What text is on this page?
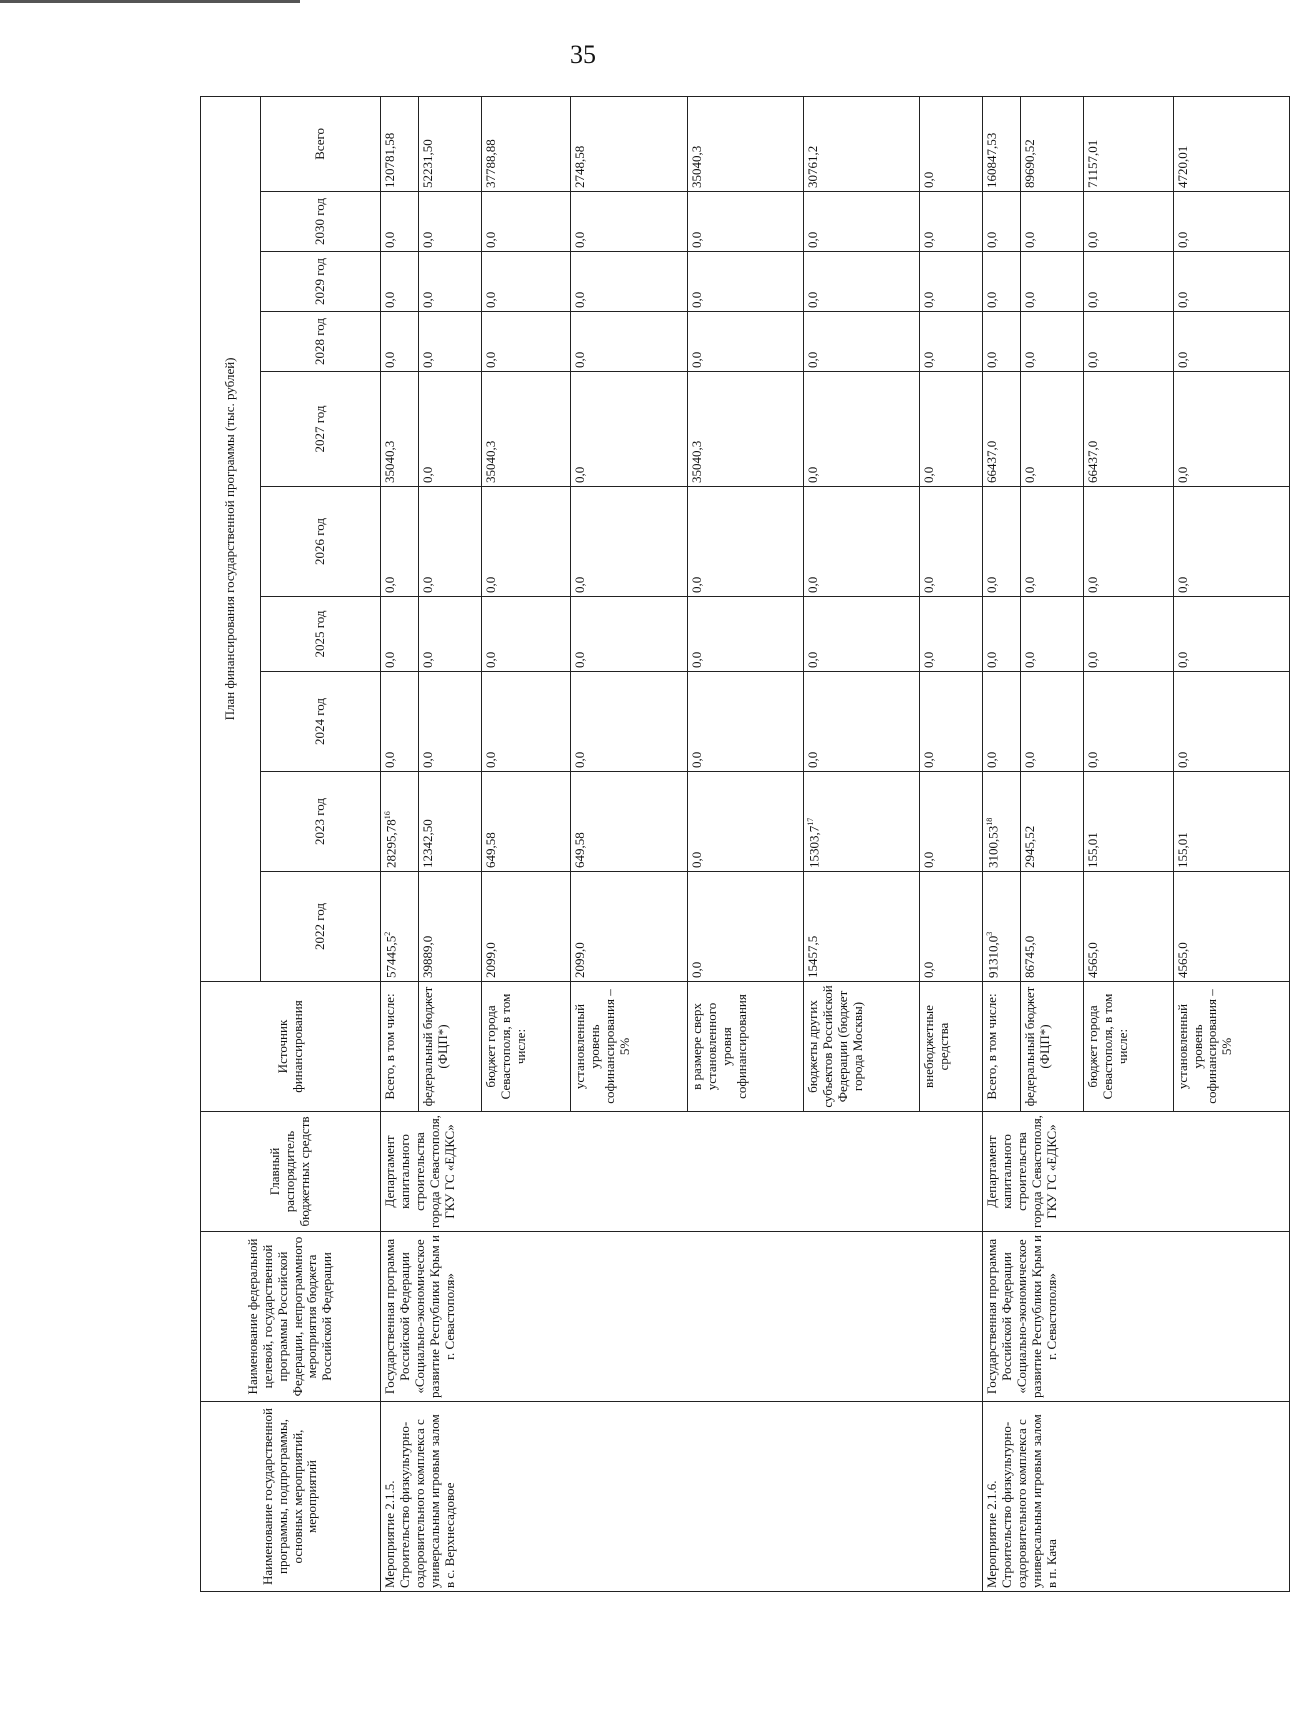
35
Наименование государственной программы, подпрограммы, основных мероприятий, мероприятий	Наименование федеральной целевой, государственной программы Российской Федерации, непрограммного мероприятия бюджета Российской Федерации	Главный распорядитель бюджетных средств	Источник финансирования	План финансирования государственной программы (тыс. рублей)									
				2022 год	2023 год	2024 год	2025 год	2026 год	2027 год	2028 год	2029 год	2030 год	Всего
Мероприятие 2.1.5. Строительство физкультурно-оздоровительного комплекса с универсальным игровым залом в с. Верхнесадовое	Государственная программа Российской Федерации «Социально-экономическое развитие Республики Крым и г. Севастополя»	Департамент капитального строительства города Севастополя, ГКУ ГС «ЕДКС»	Всего, в том числе:	57445,5$^2$	28295,78$^{16}$	0,0	0,0	0,0	35040,3	0,0	0,0	0,0	120781,58
			федеральный бюджет (ФЦП*)	39889,0	12342,50	0,0	0,0	0,0	0,0	0,0	0,0	0,0	52231,50
			бюджет города Севастополя, в том числе:	2099,0	649,58	0,0	0,0	0,0	35040,3	0,0	0,0	0,0	37788,88
			установленный уровень софинансирования – 5%	2099,0	649,58	0,0	0,0	0,0	0,0	0,0	0,0	0,0	2748,58
			в размере сверх установленного уровня софинансирования	0,0	0,0	0,0	0,0	0,0	35040,3	0,0	0,0	0,0	35040,3
			бюджеты других субъектов Российской Федерации (бюджет города Москвы)	15457,5	15303,7$^{17}$	0,0	0,0	0,0	0,0	0,0	0,0	0,0	30761,2
			внебюджетные средства	0,0	0,0	0,0	0,0	0,0	0,0	0,0	0,0	0,0	0,0
Мероприятие 2.1.6. Строительство физкультурно-оздоровительного комплекса с универсальным игровым залом в п. Кача	Государственная программа Российской Федерации «Социально-экономическое развитие Республики Крым и г. Севастополя»	Департамент капитального строительства города Севастополя, ГКУ ГС «ЕДКС»	Всего, в том числе:	91310,0$^3$	3100,53$^{18}$	0,0	0,0	0,0	66437,0	0,0	0,0	0,0	160847,53
			федеральный бюджет (ФЦП*)	86745,0	2945,52	0,0	0,0	0,0	0,0	0,0	0,0	0,0	89690,52
			бюджет города Севастополя, в том числе:	4565,0	155,01	0,0	0,0	0,0	66437,0	0,0	0,0	0,0	71157,01
			установленный уровень софинансирования – 5%	4565,0	155,01	0,0	0,0	0,0	0,0	0,0	0,0	0,0	4720,01
